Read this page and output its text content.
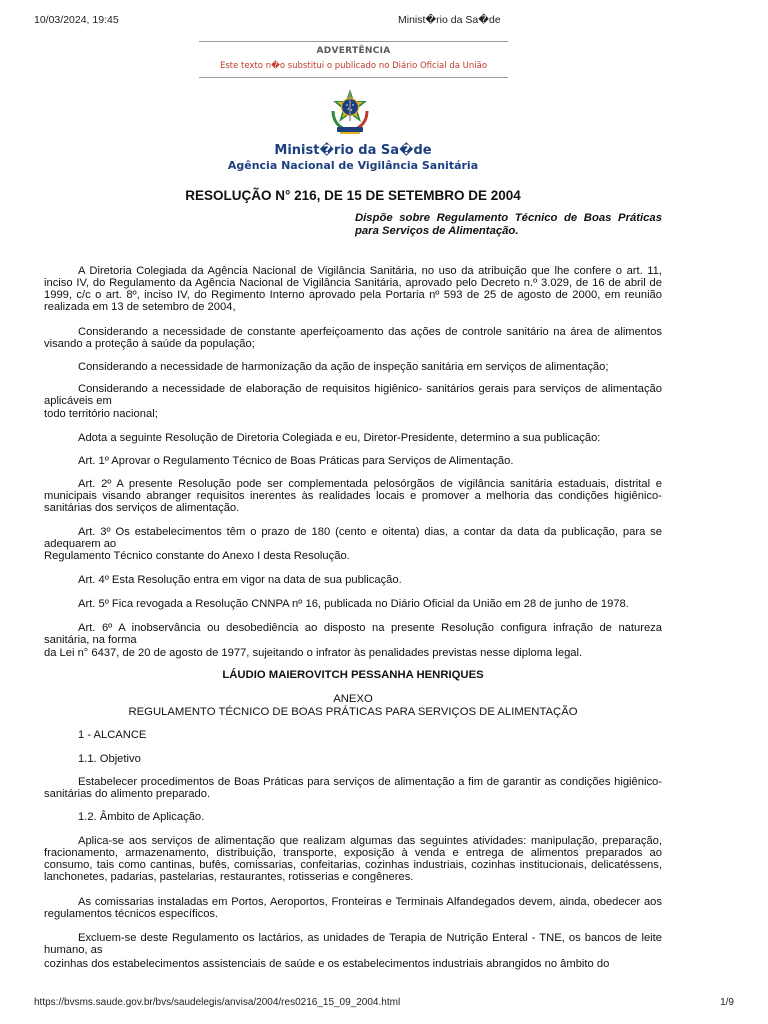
10/03/2024, 19:45	Minist�rio da Sa�de
ADVERTÊNCIA
Este texto n�o substitui o publicado no Diário Oficial da União
Minist�rio da Sa�de
Agência Nacional de Vigilância Sanitária
RESOLUÇÃO N° 216, DE 15 DE SETEMBRO DE 2004
Dispõe sobre Regulamento Técnico de Boas Práticas para Serviços de Alimentação.
A Diretoria Colegiada da Agência Nacional de Vigilância Sanitária, no uso da atribuição que lhe confere o art. 11, inciso IV, do Regulamento da Agência Nacional de Vigilância Sanitária, aprovado pelo Decreto n.º 3.029, de 16 de abril de 1999, c/c o art. 8º, inciso IV, do Regimento Interno aprovado pela Portaria nº 593 de 25 de agosto de 2000, em reunião realizada em 13 de setembro de 2004,
Considerando a necessidade de constante aperfeiçoamento das ações de controle sanitário na área de alimentos visando a proteção à saúde da população;
Considerando a necessidade de harmonização da ação de inspeção sanitária em serviços de alimentação;
Considerando a necessidade de elaboração de requisitos higiênico- sanitários gerais para serviços de alimentação aplicáveis em
todo território nacional;
Adota a seguinte Resolução de Diretoria Colegiada e eu, Diretor-Presidente, determino a sua publicação:
Art. 1º Aprovar o Regulamento Técnico de Boas Práticas para Serviços de Alimentação.
Art. 2º A presente Resolução pode ser complementada pelosórgãos de vigilância sanitária estaduais, distrital e municipais visando abranger requisitos inerentes às realidades locais e promover a melhoria das condições higiênico-sanitárias dos serviços de alimentação.
Art. 3º Os estabelecimentos têm o prazo de 180 (cento e oitenta) dias, a contar da data da publicação, para se adequarem ao
Regulamento Técnico constante do Anexo I desta Resolução.
Art. 4º Esta Resolução entra em vigor na data de sua publicação.
Art. 5º Fica revogada a Resolução CNNPA nº 16, publicada no Diário Oficial da União em 28 de junho de 1978.
Art. 6º A inobservância ou desobediência ao disposto na presente Resolução configura infração de natureza sanitária, na forma
da Lei n° 6437, de 20 de agosto de 1977, sujeitando o infrator às penalidades previstas nesse diploma legal.
LÁUDIO MAIEROVITCH PESSANHA HENRIQUES
ANEXO
REGULAMENTO TÉCNICO DE BOAS PRÁTICAS PARA SERVIÇOS DE ALIMENTAÇÃO
1 - ALCANCE
1.1. Objetivo
Estabelecer procedimentos de Boas Práticas para serviços de alimentação a fim de garantir as condições higiênico-sanitárias do alimento preparado.
1.2. Âmbito de Aplicação.
Aplica-se aos serviços de alimentação que realizam algumas das seguintes atividades: manipulação, preparação, fracionamento, armazenamento, distribuição, transporte, exposição à venda e entrega de alimentos preparados ao consumo, tais como cantinas, bufês, comissarias, confeitarias, cozinhas industriais, cozinhas institucionais, delicatéssens, lanchonetes, padarias, pastelarias, restaurantes, rotisserias e congêneres.
As comissarias instaladas em Portos, Aeroportos, Fronteiras e Terminais Alfandegados devem, ainda, obedecer aos regulamentos técnicos específicos.
Excluem-se deste Regulamento os lactários, as unidades de Terapia de Nutrição Enteral - TNE, os bancos de leite humano, as
cozinhas dos estabelecimentos assistenciais de saúde e os estabelecimentos industriais abrangidos no âmbito do
https://bvsms.saude.gov.br/bvs/saudelegis/anvisa/2004/res0216_15_09_2004.html	1/9
